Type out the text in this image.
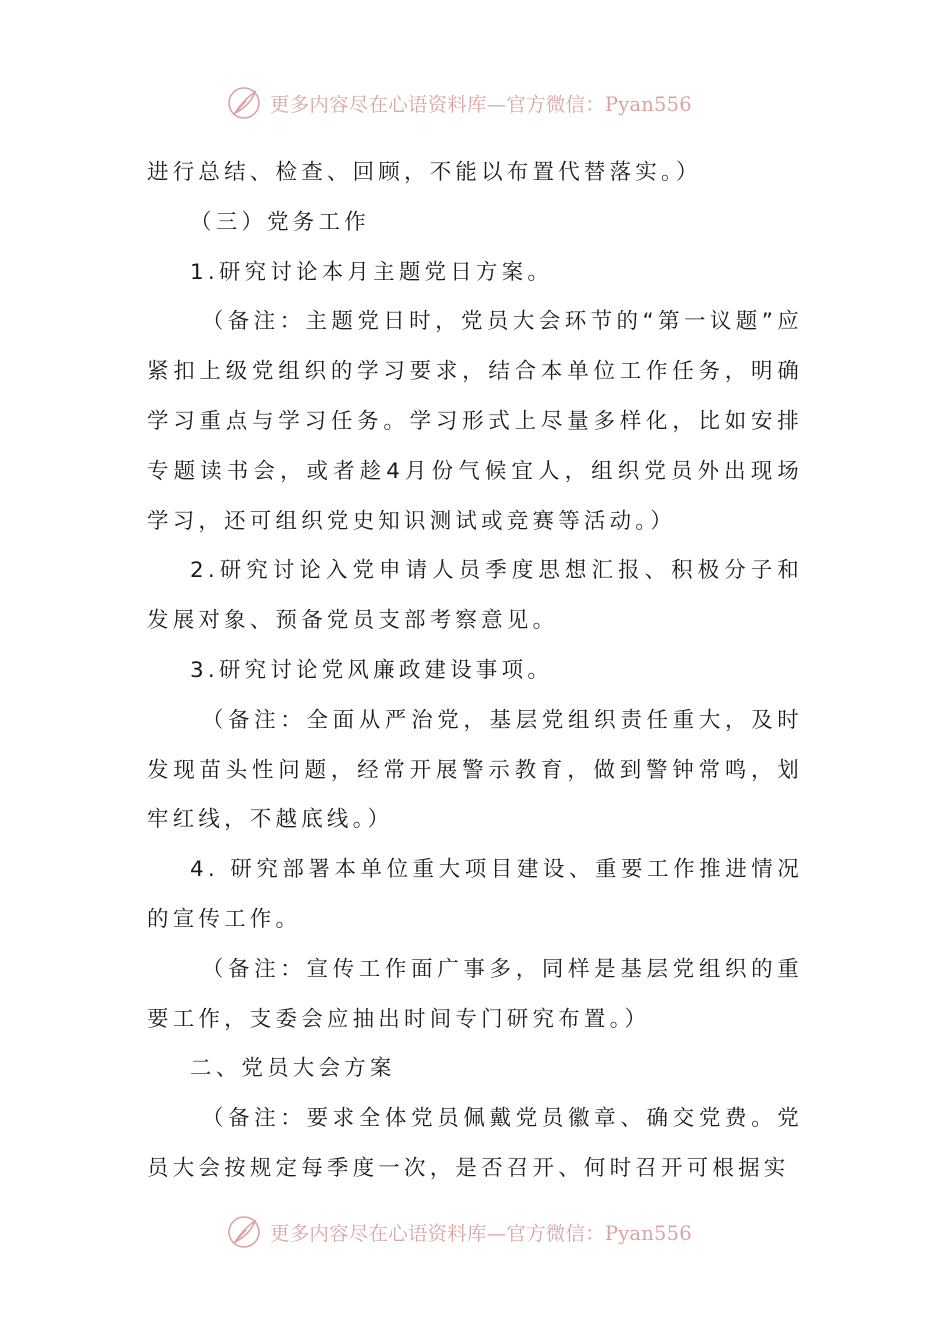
更多内容尽在心语资料库—官方微信：Pyan556

进行总结、检查、回顾，不能以布置代替落实。）

（三）党务工作

1.研究讨论本月主题党日方案。

（备注：主题党日时，党员大会环节的“第一议题”应紧扣上级党组织的学习要求，结合本单位工作任务，明确学习重点与学习任务。学习形式上尽量多样化，比如安排专题读书会，或者趁4月份气候宜人，组织党员外出现场学习，还可组织党史知识测试或竞赛等活动。）

2.研究讨论入党申请人员季度思想汇报、积极分子和发展对象、预备党员支部考察意见。

3.研究讨论党风廉政建设事项。

（备注：全面从严治党，基层党组织责任重大，及时发现苗头性问题，经常开展警示教育，做到警钟常鸣，划牢红线，不越底线。）

4. 研究部署本单位重大项目建设、重要工作推进情况的宣传工作。

（备注：宣传工作面广事多，同样是基层党组织的重要工作，支委会应抽出时间专门研究布置。）

二、党员大会方案

（备注：要求全体党员佩戴党员徽章、确交党费。党员大会按规定每季度一次，是否召开、何时召开可根据实

更多内容尽在心语资料库—官方微信：Pyan556
